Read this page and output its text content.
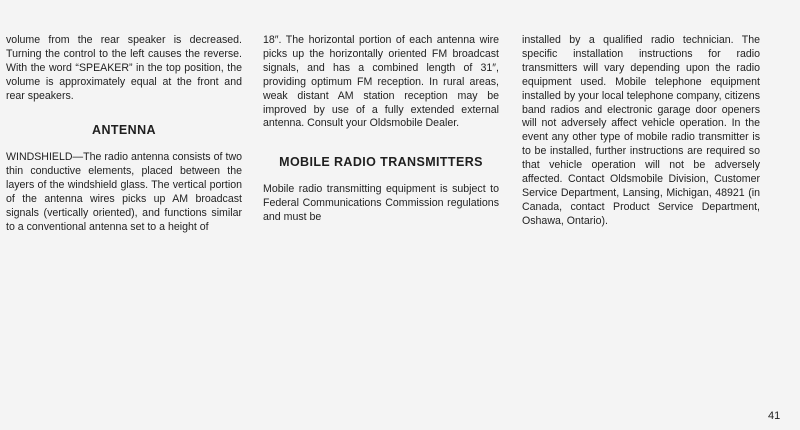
volume from the rear speaker is decreased. Turning the control to the left causes the reverse. With the word “SPEAKER” in the top position, the volume is approximately equal at the front and rear speakers.

ANTENNA

WINDSHIELD—The radio antenna consists of two thin conductive elements, placed between the layers of the windshield glass. The vertical portion of the antenna wires picks up AM broadcast signals (vertically oriented), and functions similar to a conventional antenna set to a height of

18″. The horizontal portion of each antenna wire picks up the horizontally oriented FM broadcast signals, and has a combined length of 31″, providing optimum FM reception. In rural areas, weak distant AM station reception may be improved by use of a fully extended external antenna. Consult your Oldsmobile Dealer.

MOBILE RADIO TRANSMITTERS

Mobile radio transmitting equipment is subject to Federal Communications Commission regulations and must be

installed by a qualified radio technician. The specific installation instructions for radio transmitters will vary depending upon the radio equipment used. Mobile telephone equipment installed by your local telephone company, citizens band radios and electronic garage door openers will not adversely affect vehicle operation. In the event any other type of mobile radio transmitter is to be installed, further instructions are required so that vehicle operation will not be adversely affected. Contact Oldsmobile Division, Customer Service Department, Lansing, Michigan, 48921 (in Canada, contact Product Service Department, Oshawa, Ontario).

41
